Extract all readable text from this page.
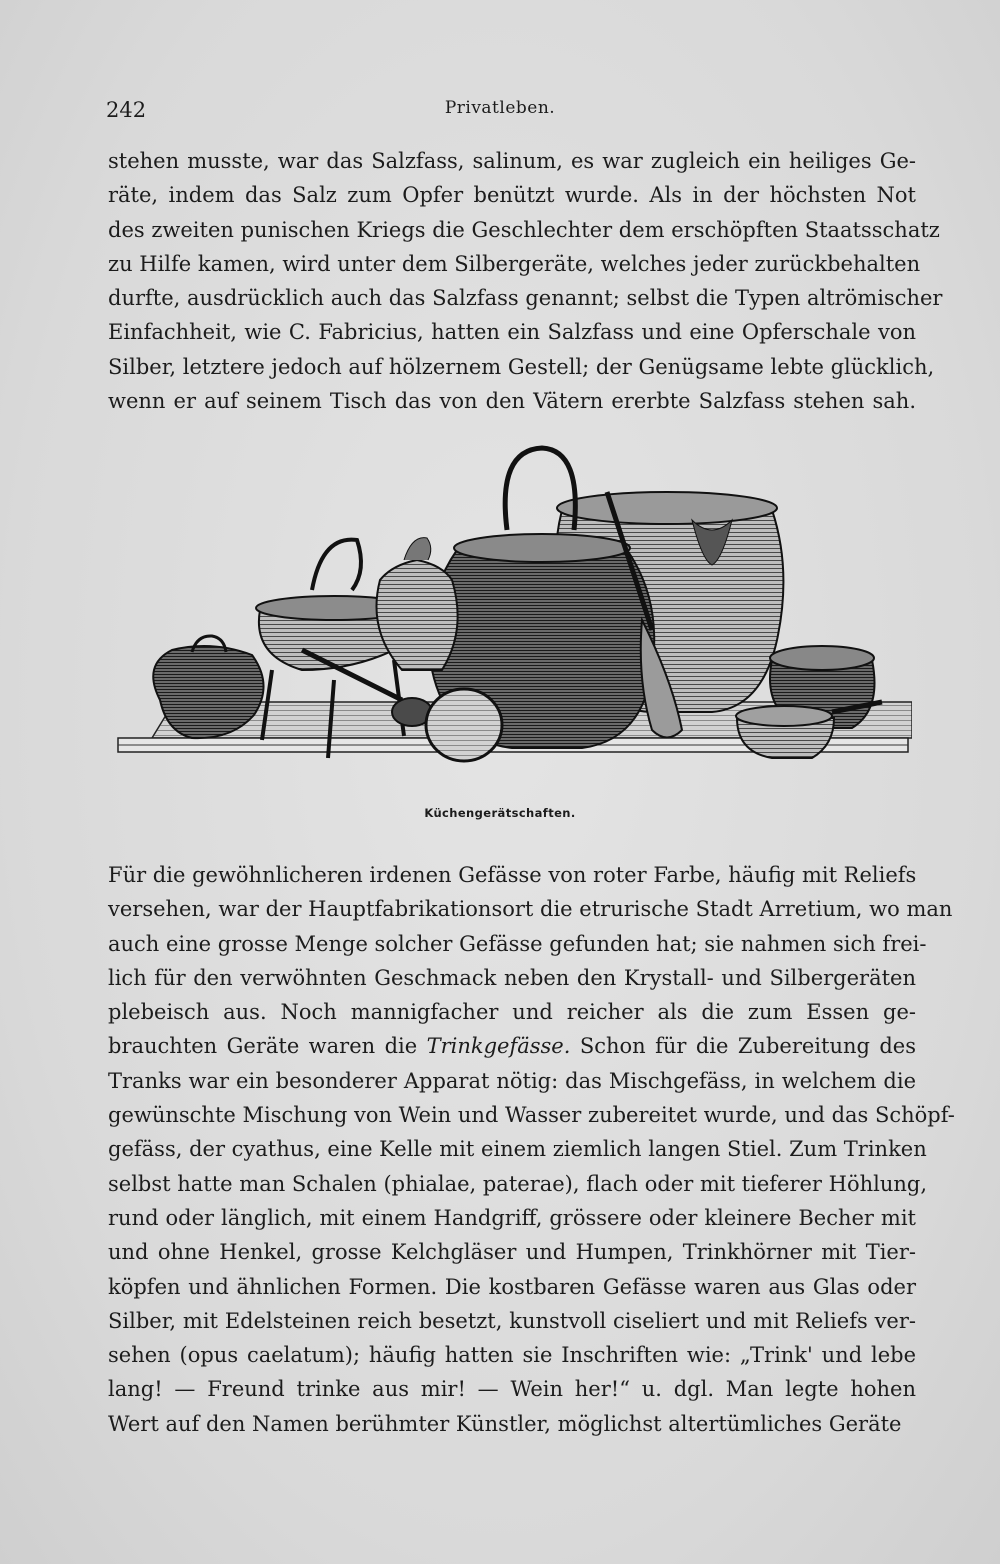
242	Privatleben.
stehen musste, war das Salzfass, salinum, es war zugleich ein heiliges Ge-
räte, indem das Salz zum Opfer benützt wurde. Als in der höchsten Not
des zweiten punischen Kriegs die Geschlechter dem erschöpften Staatsschatz
zu Hilfe kamen, wird unter dem Silbergeräte, welches jeder zurückbehalten
durfte, ausdrücklich auch das Salzfass genannt; selbst die Typen altrömischer
Einfachheit, wie C. Fabricius, hatten ein Salzfass und eine Opferschale von
Silber, letztere jedoch auf hölzernem Gestell; der Genügsame lebte glücklich,
wenn er auf seinem Tisch das von den Vätern ererbte Salzfass stehen sah.
Küchengerätschaften.
Für die gewöhnlicheren irdenen Gefässe von roter Farbe, häufig mit Reliefs
versehen, war der Hauptfabrikationsort die etrurische Stadt Arretium, wo man
auch eine grosse Menge solcher Gefässe gefunden hat; sie nahmen sich frei-
lich für den verwöhnten Geschmack neben den Krystall- und Silbergeräten
plebeisch aus. Noch mannigfacher und reicher als die zum Essen ge-
brauchten Geräte waren die Trinkgefässe. Schon für die Zubereitung des
Tranks war ein besonderer Apparat nötig: das Mischgefäss, in welchem die
gewünschte Mischung von Wein und Wasser zubereitet wurde, und das Schöpf-
gefäss, der cyathus, eine Kelle mit einem ziemlich langen Stiel. Zum Trinken
selbst hatte man Schalen (phialae, paterae), flach oder mit tieferer Höhlung,
rund oder länglich, mit einem Handgriff, grössere oder kleinere Becher mit
und ohne Henkel, grosse Kelchgläser und Humpen, Trinkhörner mit Tier-
köpfen und ähnlichen Formen. Die kostbaren Gefässe waren aus Glas oder
Silber, mit Edelsteinen reich besetzt, kunstvoll ciseliert und mit Reliefs ver-
sehen (opus caelatum); häufig hatten sie Inschriften wie: „Trink' und lebe
lang! — Freund trinke aus mir! — Wein her!“ u. dgl. Man legte hohen
Wert auf den Namen berühmter Künstler, möglichst altertümliches Geräte
